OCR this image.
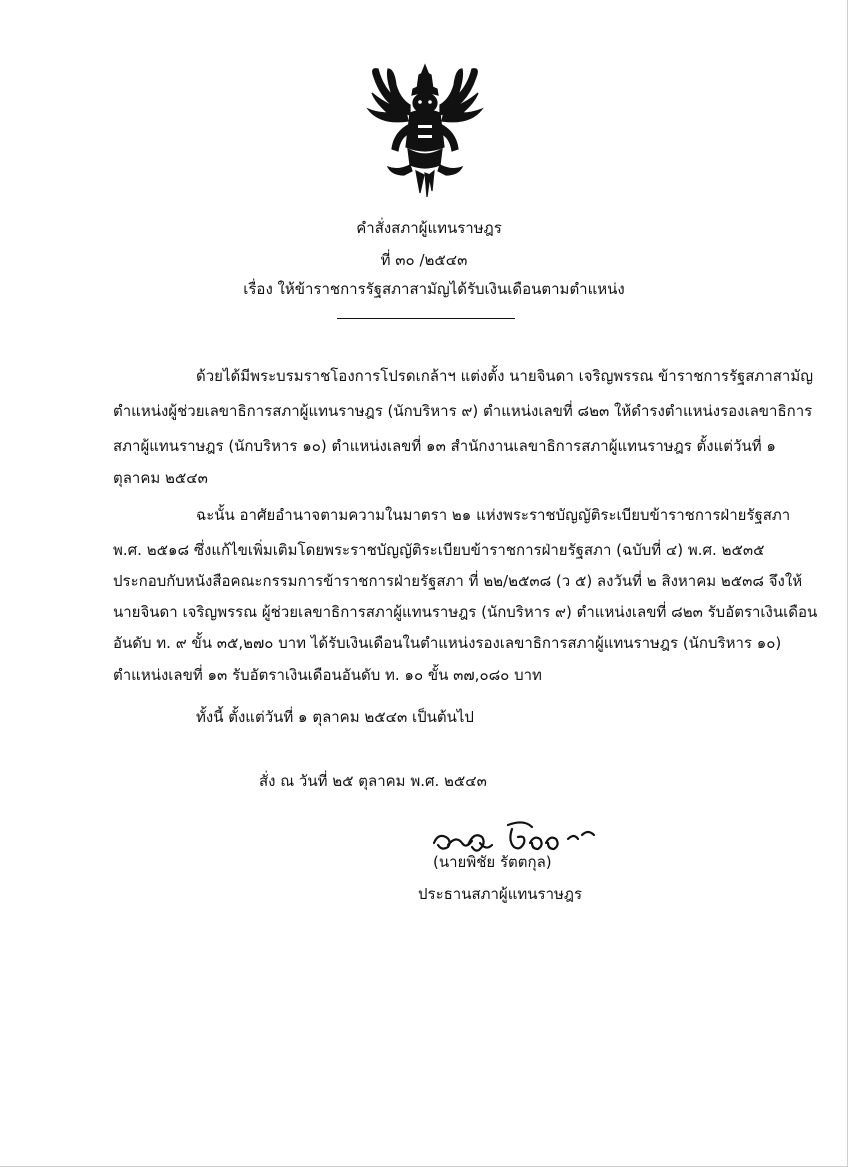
คำสั่งสภาผู้แทนราษฎร
ที่ ๓๐ /๒๕๔๓
เรื่อง ให้ข้าราชการรัฐสภาสามัญได้รับเงินเดือนตามตำแหน่ง
ด้วยได้มีพระบรมราชโองการโปรดเกล้าฯ แต่งตั้ง นายจินดา เจริญพรรณ ข้าราชการรัฐสภาสามัญ
ตำแหน่งผู้ช่วยเลขาธิการสภาผู้แทนราษฎร (นักบริหาร ๙) ตำแหน่งเลขที่ ๘๒๓ ให้ดำรงตำแหน่งรองเลขาธิการ
สภาผู้แทนราษฎร (นักบริหาร ๑๐) ตำแหน่งเลขที่ ๑๓ สำนักงานเลขาธิการสภาผู้แทนราษฎร ตั้งแต่วันที่ ๑
ตุลาคม ๒๕๔๓
ฉะนั้น อาศัยอำนาจตามความในมาตรา ๒๑ แห่งพระราชบัญญัติระเบียบข้าราชการฝ่ายรัฐสภา
พ.ศ. ๒๕๑๘ ซึ่งแก้ไขเพิ่มเติมโดยพระราชบัญญัติระเบียบข้าราชการฝ่ายรัฐสภา (ฉบับที่ ๔) พ.ศ. ๒๕๓๕
ประกอบกับหนังสือคณะกรรมการข้าราชการฝ่ายรัฐสภา ที่ ๒๒/๒๕๓๘ (ว ๕) ลงวันที่ ๒ สิงหาคม ๒๕๓๘ จึงให้
นายจินดา เจริญพรรณ ผู้ช่วยเลขาธิการสภาผู้แทนราษฎร (นักบริหาร ๙) ตำแหน่งเลขที่ ๘๒๓ รับอัตราเงินเดือน
อันดับ ท. ๙ ขั้น ๓๕,๒๗๐ บาท ได้รับเงินเดือนในตำแหน่งรองเลขาธิการสภาผู้แทนราษฎร (นักบริหาร ๑๐)
ตำแหน่งเลขที่ ๑๓ รับอัตราเงินเดือนอันดับ ท. ๑๐ ขั้น ๓๗,๐๘๐ บาท
ทั้งนี้ ตั้งแต่วันที่ ๑ ตุลาคม ๒๕๔๓ เป็นต้นไป
สั่ง ณ วันที่ ๒๕ ตุลาคม พ.ศ. ๒๕๔๓
(นายพิชัย รัตตกุล)
ประธานสภาผู้แทนราษฎร
